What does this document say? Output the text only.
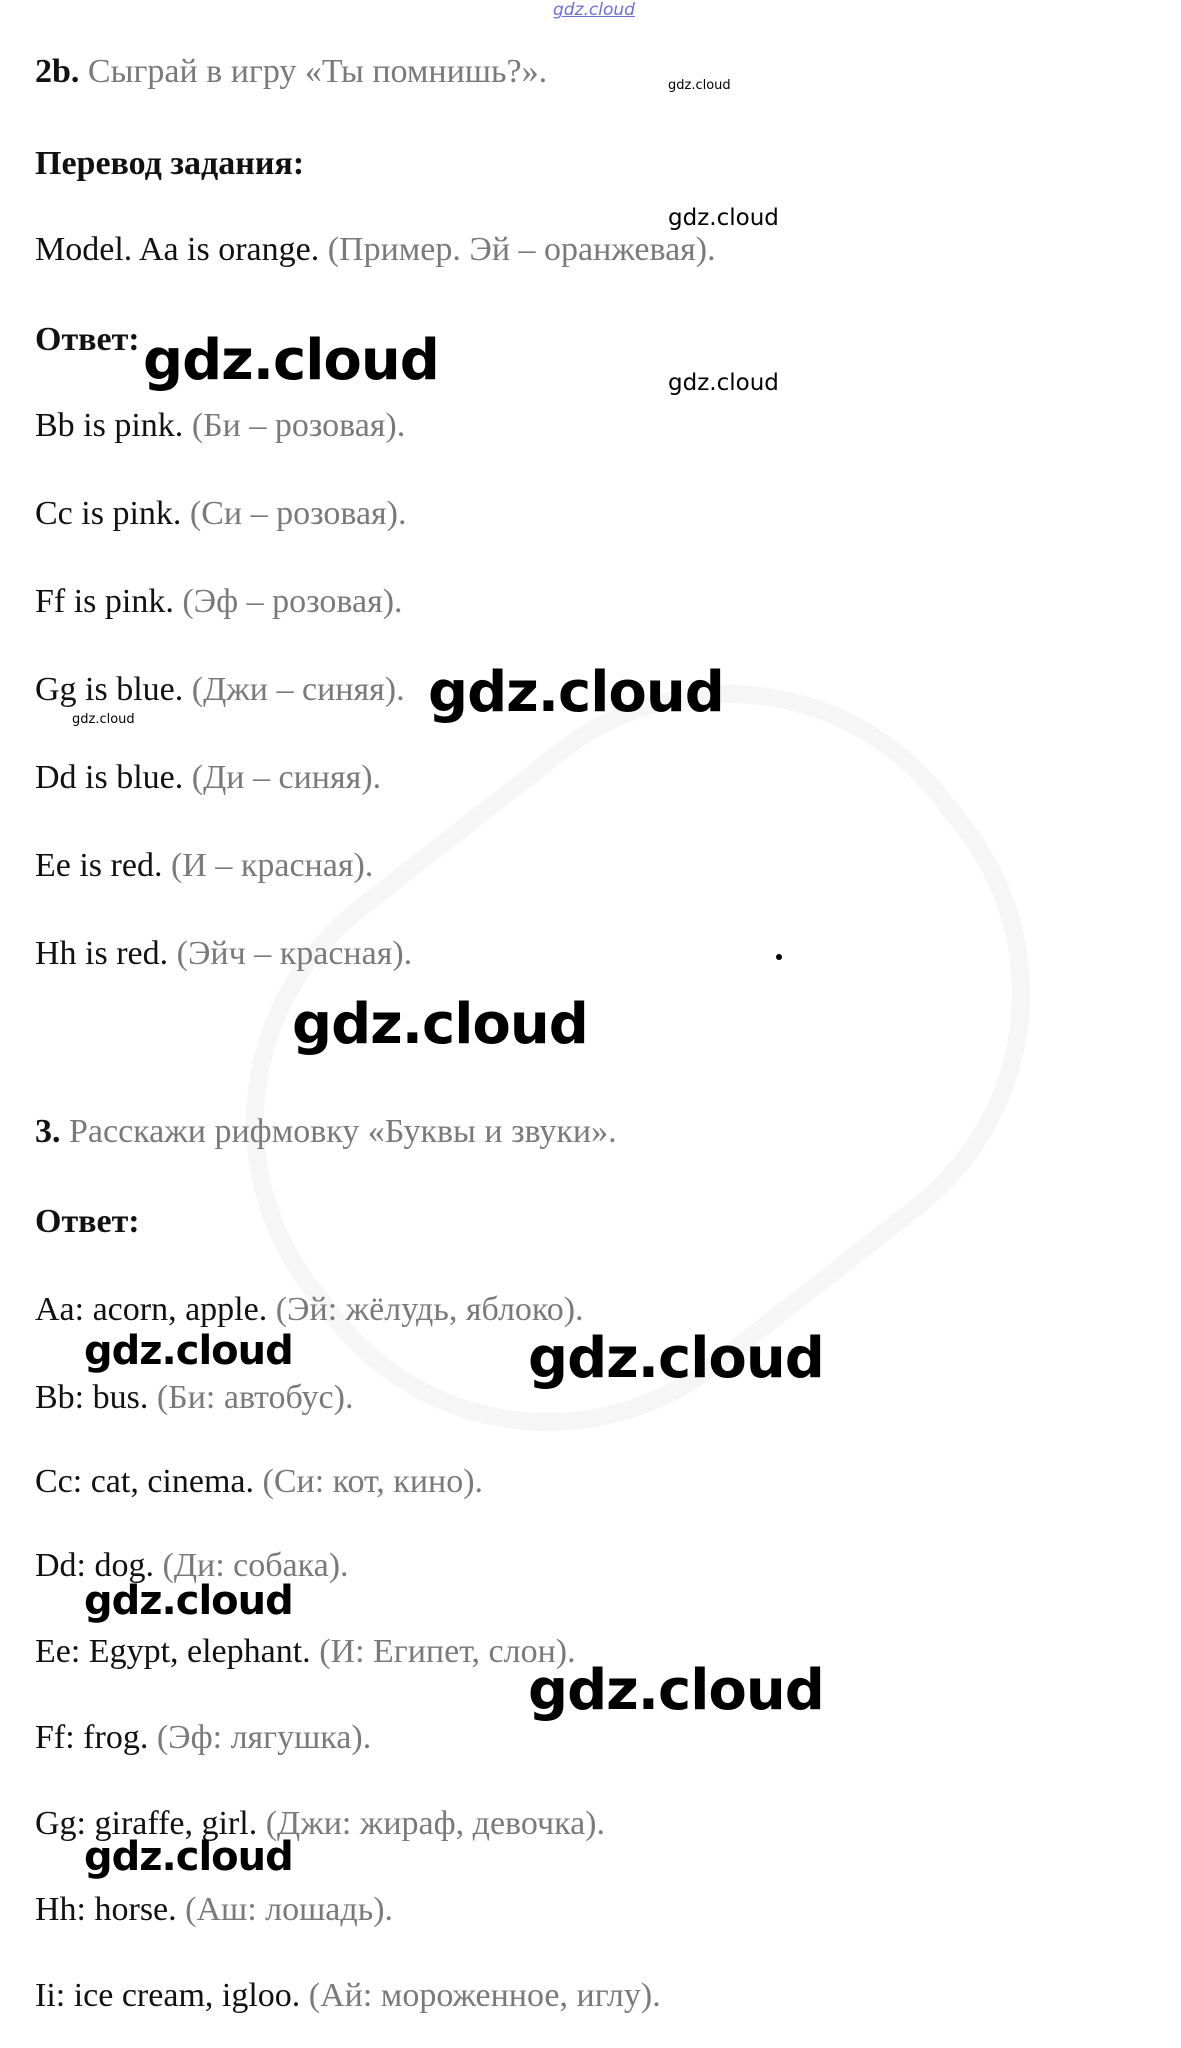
2b. Сыграй в игру «Ты помнишь?».

Перевод задания:

Model. Aa is orange. (Пример. Эй – оранжевая).

Ответ:

Bb is pink. (Би – розовая).

Cc is pink. (Си – розовая).

Ff is pink. (Эф – розовая).

Gg is blue. (Джи – синяя).

Dd is blue. (Ди – синяя).

Ee is red. (И – красная).

Hh is red. (Эйч – красная).

3. Расскажи рифмовку «Буквы и звуки».

Ответ:

Aa: acorn, apple. (Эй: жёлудь, яблоко).

Bb: bus. (Би: автобус).

Cc: cat, cinema. (Си: кот, кино).

Dd: dog. (Ди: собака).

Ee: Egypt, elephant. (И: Египет, слон).

Ff: frog. (Эф: лягушка).

Gg: giraffe, girl. (Джи: жираф, девочка).

Hh: horse. (Аш: лошадь).

Ii: ice cream, igloo. (Ай: мороженное, иглу).

gdz.cloud
gdz.cloud
gdz.cloud
gdz.cloud	gdz.cloud
gdz.cloud
gdz.cloud
gdz.cloud
gdz.cloud	gdz.cloud
gdz.cloud
gdz.cloud
gdz.cloud
